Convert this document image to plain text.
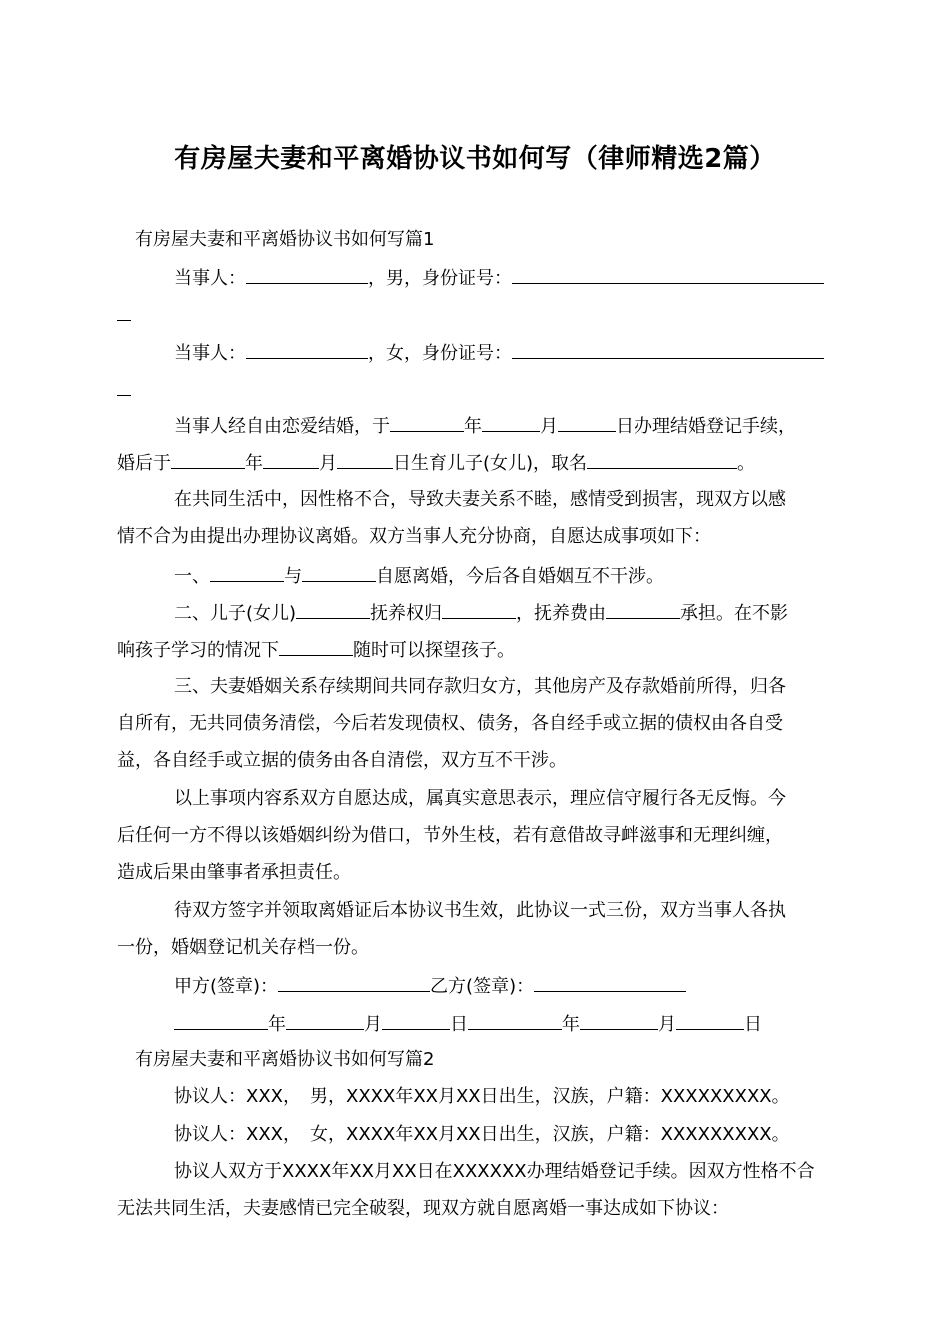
有房屋夫妻和平离婚协议书如何写（律师精选2篇）
有房屋夫妻和平离婚协议书如何写篇1
当事人：	，男，身份证号：
当事人：	，女，身份证号：
当事人经自由恋爱结婚，于	年	月	日办理结婚登记手续，
婚后于	年	月	日生育儿子(女儿)，取名	。
在共同生活中，因性格不合，导致夫妻关系不睦，感情受到损害，现双方以感
情不合为由提出办理协议离婚。双方当事人充分协商，自愿达成事项如下：
一、	与	自愿离婚，今后各自婚姻互不干涉。
二、儿子(女儿)	抚养权归	，抚养费由	承担。在不影
响孩子学习的情况下	随时可以探望孩子。
三、夫妻婚姻关系存续期间共同存款归女方，其他房产及存款婚前所得，归各
自所有，无共同债务清偿，今后若发现债权、债务，各自经手或立据的债权由各自受
益，各自经手或立据的债务由各自清偿，双方互不干涉。
以上事项内容系双方自愿达成，属真实意思表示，理应信守履行各无反悔。今
后任何一方不得以该婚姻纠纷为借口，节外生枝，若有意借故寻衅滋事和无理纠缠，
造成后果由肇事者承担责任。
待双方签字并领取离婚证后本协议书生效，此协议一式三份，双方当事人各执
一份，婚姻登记机关存档一份。
甲方(签章)：	乙方(签章)：
年	月	日	年	月	日
有房屋夫妻和平离婚协议书如何写篇2
协议人：XXX，　男，XXXX年XX月XX日出生，汉族，户籍：XXXXXXXXX。
协议人：XXX，　女，XXXX年XX月XX日出生，汉族，户籍：XXXXXXXXX。
协议人双方于XXXX年XX月XX日在XXXXXX办理结婚登记手续。因双方性格不合
无法共同生活，夫妻感情已完全破裂，现双方就自愿离婚一事达成如下协议：
